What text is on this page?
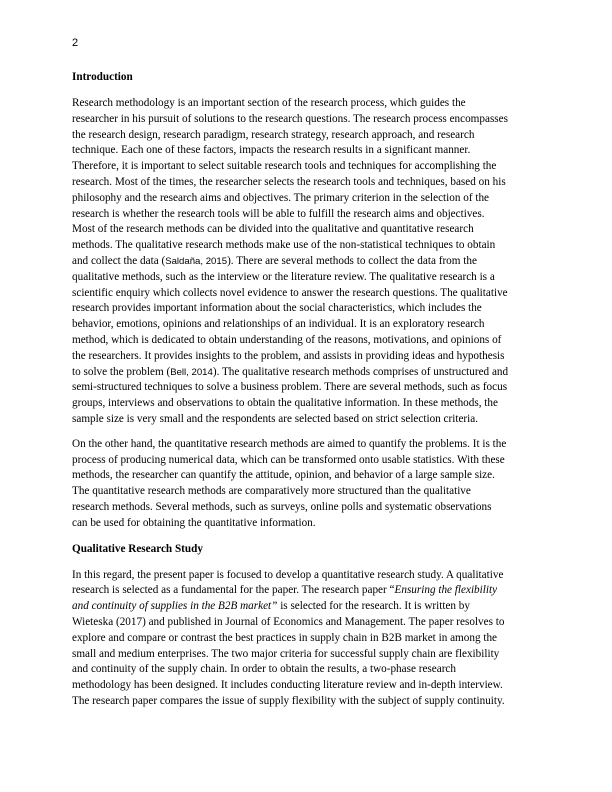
2
Introduction
Research methodology is an important section of the research process, which guides the
researcher in his pursuit of solutions to the research questions. The research process encompasses
the research design, research paradigm, research strategy, research approach, and research
technique. Each one of these factors, impacts the research results in a significant manner.
Therefore, it is important to select suitable research tools and techniques for accomplishing the
research. Most of the times, the researcher selects the research tools and techniques, based on his
philosophy and the research aims and objectives. The primary criterion in the selection of the
research is whether the research tools will be able to fulfill the research aims and objectives.
Most of the research methods can be divided into the qualitative and quantitative research
methods. The qualitative research methods make use of the non-statistical techniques to obtain
and collect the data (Saldaña, 2015). There are several methods to collect the data from the
qualitative methods, such as the interview or the literature review. The qualitative research is a
scientific enquiry which collects novel evidence to answer the research questions. The qualitative
research provides important information about the social characteristics, which includes the
behavior, emotions, opinions and relationships of an individual. It is an exploratory research
method, which is dedicated to obtain understanding of the reasons, motivations, and opinions of
the researchers. It provides insights to the problem, and assists in providing ideas and hypothesis
to solve the problem (Bell, 2014). The qualitative research methods comprises of unstructured and
semi-structured techniques to solve a business problem. There are several methods, such as focus
groups, interviews and observations to obtain the qualitative information. In these methods, the
sample size is very small and the respondents are selected based on strict selection criteria.
On the other hand, the quantitative research methods are aimed to quantify the problems. It is the
process of producing numerical data, which can be transformed onto usable statistics. With these
methods, the researcher can quantify the attitude, opinion, and behavior of a large sample size.
The quantitative research methods are comparatively more structured than the qualitative
research methods. Several methods, such as surveys, online polls and systematic observations
can be used for obtaining the quantitative information.
Qualitative Research Study
In this regard, the present paper is focused to develop a quantitative research study. A qualitative
research is selected as a fundamental for the paper. The research paper “Ensuring the flexibility
and continuity of supplies in the B2B market” is selected for the research. It is written by
Wieteska (2017) and published in Journal of Economics and Management. The paper resolves to
explore and compare or contrast the best practices in supply chain in B2B market in among the
small and medium enterprises. The two major criteria for successful supply chain are flexibility
and continuity of the supply chain. In order to obtain the results, a two-phase research
methodology has been designed. It includes conducting literature review and in-depth interview.
The research paper compares the issue of supply flexibility with the subject of supply continuity.
